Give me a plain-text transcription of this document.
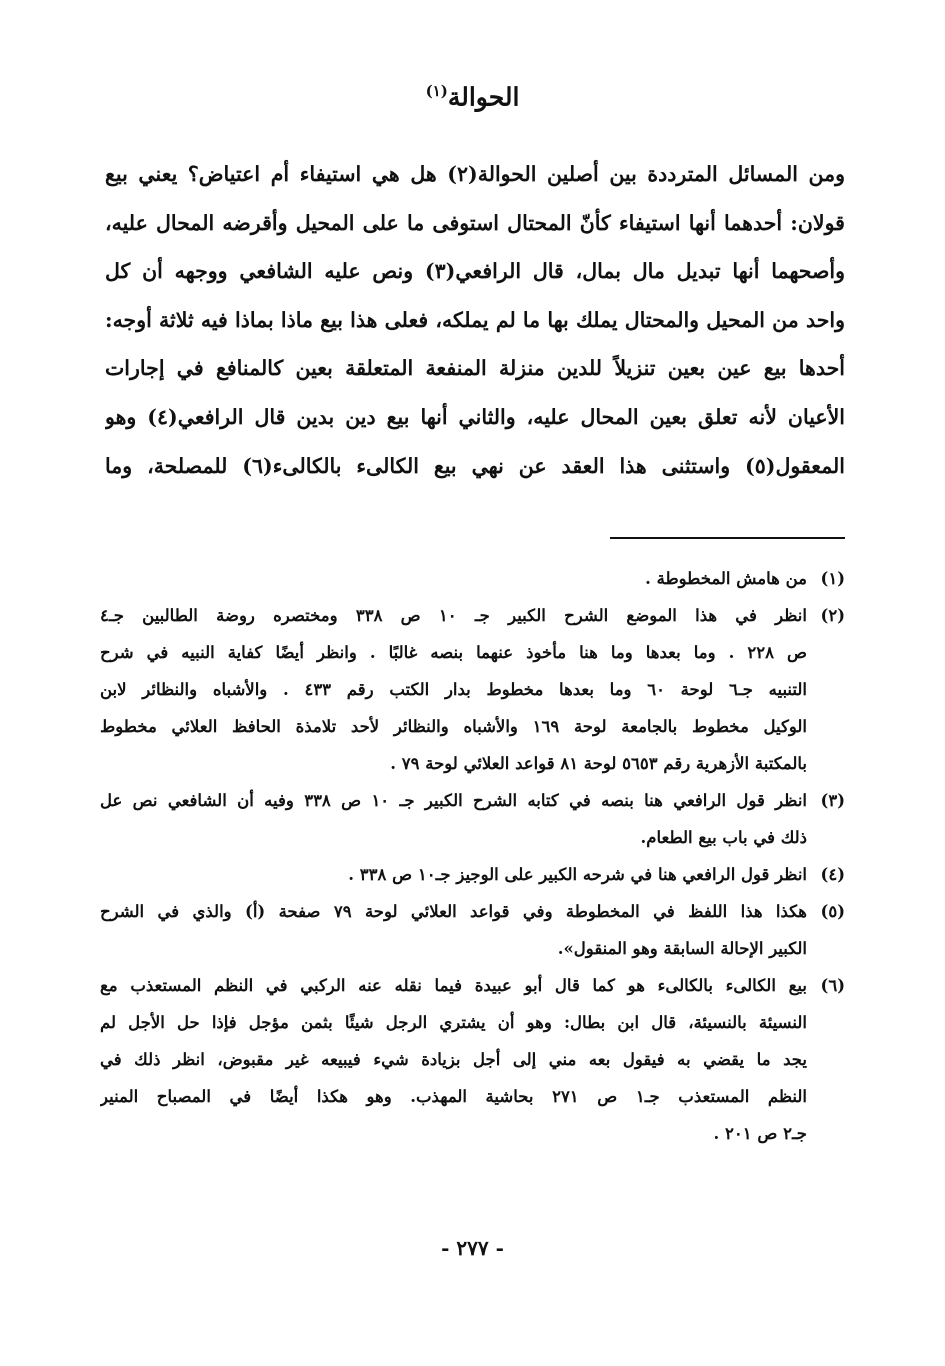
الحوالة$^{(١)}$
ومن المسائل المترددة بين أصلين الحوالة(٢) هل هي استيفاء أم اعتياض؟ يعني بيع
قولان: أحدهما أنها استيفاء كأنّ المحتال استوفى ما على المحيل وأقرضه المحال عليه،
وأصحهما أنها تبديل مال بمال، قال الرافعي(٣) ونص عليه الشافعي ووجهه أن كل
واحد من المحيل والمحتال يملك بها ما لم يملكه، فعلى هذا بيع ماذا بماذا فيه ثلاثة أوجه:
أحدها بيع عين بعين تنزيلاً للدين منزلة المنفعة المتعلقة بعين كالمنافع في إجارات
الأعيان لأنه تعلق بعين المحال عليه، والثاني أنها بيع دين بدين قال الرافعي(٤) وهو
المعقول(٥) واستثنى هذا العقد عن نهي بيع الكالىء بالكالىء(٦) للمصلحة، وما
(١)
من هامش المخطوطة .
(٢)
انظر في هذا الموضع الشرح الكبير جـ ١٠ ص ٣٣٨ ومختصره روضة الطالبين جـ٤
ص ٢٢٨ . وما بعدها وما هنا مأخوذ عنهما بنصه غالبًا . وانظر أيضًا كفاية النبيه في شرح
التنبيه جـ٦ لوحة ٦٠ وما بعدها مخطوط بدار الكتب رقم ٤٣٣ . والأشباه والنظائر لابن
الوكيل مخطوط بالجامعة لوحة ١٦٩ والأشباه والنظائر لأحد تلامذة الحافظ العلائي مخطوط
بالمكتبة الأزهرية رقم ٥٦٥٣ لوحة ٨١ قواعد العلائي لوحة ٧٩ .
(٣)
انظر قول الرافعي هنا بنصه في كتابه الشرح الكبير جـ ١٠ ص ٣٣٨ وفيه أن الشافعي نص عل
ذلك في باب بيع الطعام.
(٤)
انظر قول الرافعي هنا في شرحه الكبير على الوجيز جـ١٠ ص ٣٣٨ .
(٥)
هكذا هذا اللفظ في المخطوطة وفي قواعد العلائي لوحة ٧٩ صفحة (أ) والذي في الشرح
الكبير الإحالة السابقة وهو المنقول».
(٦)
بيع الكالىء بالكالىء هو كما قال أبو عبيدة فيما نقله عنه الركبي في النظم المستعذب مع
النسيئة بالنسيئة، قال ابن بطال: وهو أن يشتري الرجل شيئًا بثمن مؤجل فإذا حل الأجل لم
يجد ما يقضي به فيقول بعه مني إلى أجل بزيادة شيء فيبيعه غير مقبوض، انظر ذلك في
النظم المستعذب جـ١ ص ٢٧١ بحاشية المهذب. وهو هكذا أيضًا في المصباح المنير
جـ٢ ص ٢٠١ .
- ٢٧٧ -
